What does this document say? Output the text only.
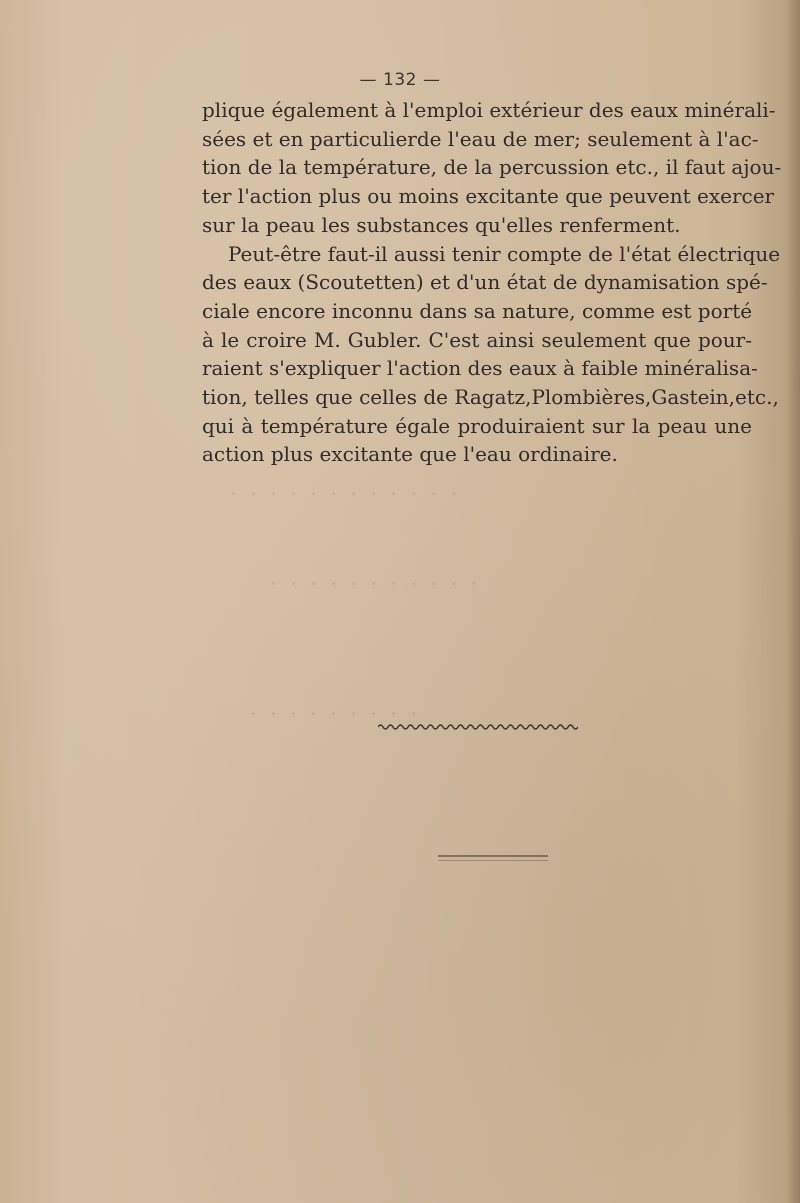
·  ·  ·  ·  ·  ·  ·  ·  ·  ·  ·  ·
·  ·  ·  ·  ·  ·  ·  ·  ·  ·  ·
·  ·  ·  ·  ·  ·  ·  ·  ·
— 132 —
plique également à l'emploi extérieur des eaux minérali-
sées et en particulierde l'eau de mer; seulement à l'ac-
tion de la température, de la percussion etc., il faut ajou-
ter l'action plus ou moins excitante que peuvent exercer
sur la peau les substances qu'elles renferment.
Peut-être faut-il aussi tenir compte de l'état électrique
des eaux (Scoutetten) et d'un état de dynamisation spé-
ciale encore inconnu dans sa nature, comme est porté
à le croire M. Gubler. C'est ainsi seulement que pour-
raient s'expliquer l'action des eaux à faible minéralisa-
tion, telles que celles de Ragatz,Plombières,Gastein,etc.,
qui à température égale produiraient sur la peau une
action plus excitante que l'eau ordinaire.
